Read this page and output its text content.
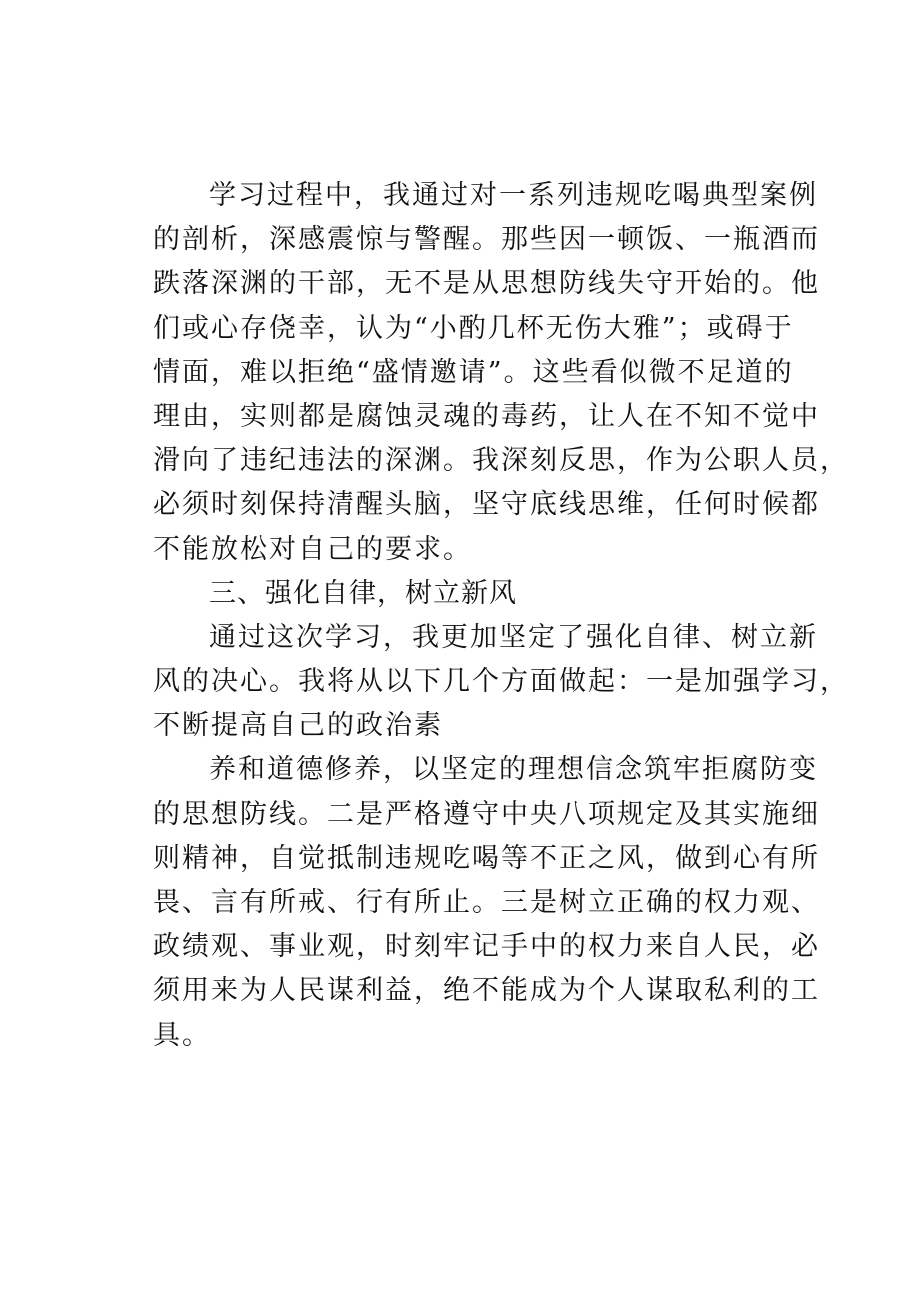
学习过程中，我通过对一系列违规吃喝典型案例
的剖析，深感震惊与警醒。那些因一顿饭、一瓶酒而
跌落深渊的干部，无不是从思想防线失守开始的。他
们或心存侥幸，认为“小酌几杯无伤大雅”；或碍于
情面，难以拒绝“盛情邀请”。这些看似微不足道的
理由，实则都是腐蚀灵魂的毒药，让人在不知不觉中
滑向了违纪违法的深渊。我深刻反思，作为公职人员，
必须时刻保持清醒头脑，坚守底线思维，任何时候都
不能放松对自己的要求。
三、强化自律，树立新风
通过这次学习，我更加坚定了强化自律、树立新
风的决心。我将从以下几个方面做起：一是加强学习，
不断提高自己的政治素
养和道德修养，以坚定的理想信念筑牢拒腐防变
的思想防线。二是严格遵守中央八项规定及其实施细
则精神，自觉抵制违规吃喝等不正之风，做到心有所
畏、言有所戒、行有所止。三是树立正确的权力观、
政绩观、事业观，时刻牢记手中的权力来自人民，必
须用来为人民谋利益，绝不能成为个人谋取私利的工
具。
